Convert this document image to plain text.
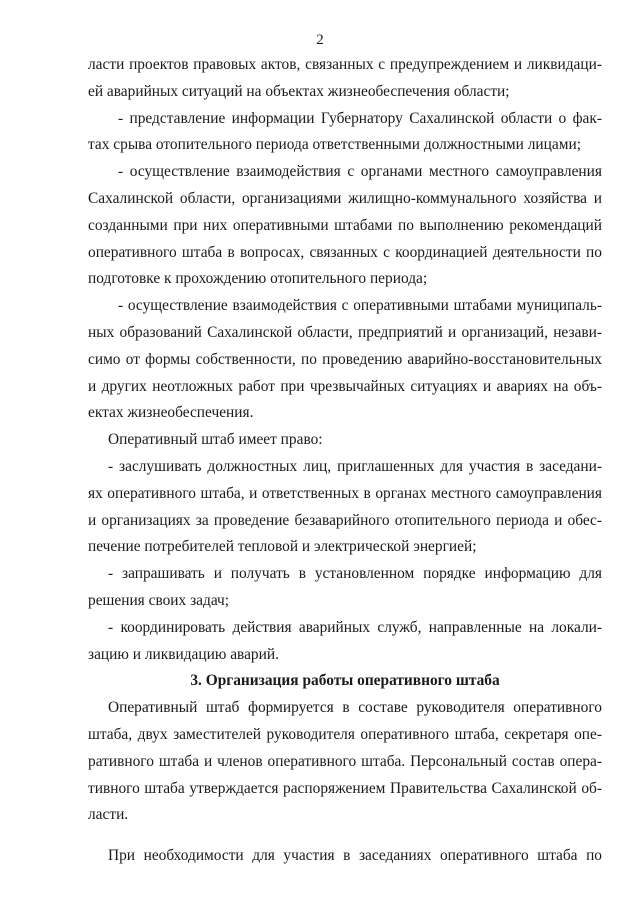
2
ласти проектов правовых актов, связанных с предупреждением и ликвидаци-
ей аварийных ситуаций на объектах жизнеобеспечения области;
- представление информации Губернатору Сахалинской области о фак-
тах срыва отопительного периода ответственными должностными лицами;
- осуществление взаимодействия с органами местного самоуправления
Сахалинской области, организациями жилищно-коммунального хозяйства и
созданными при них оперативными штабами по выполнению рекомендаций
оперативного штаба в вопросах, связанных с координацией деятельности по
подготовке к прохождению отопительного периода;
- осуществление взаимодействия с оперативными штабами муниципаль-
ных образований Сахалинской области, предприятий и организаций, незави-
симо от формы собственности, по проведению аварийно-восстановительных
и других неотложных работ при чрезвычайных ситуациях и авариях на объ-
ектах жизнеобеспечения.
Оперативный штаб имеет право:
- заслушивать должностных лиц, приглашенных для участия в заседани-
ях оперативного штаба, и ответственных в органах местного самоуправления
и организациях за проведение безаварийного отопительного периода и обес-
печение потребителей тепловой и электрической энергией;
- запрашивать и получать в установленном порядке информацию для
решения своих задач;
- координировать действия аварийных служб, направленные на локали-
зацию и ликвидацию аварий.
3. Организация работы оперативного штаба
Оперативный штаб формируется в составе руководителя оперативного
штаба, двух заместителей руководителя оперативного штаба, секретаря опе-
ративного штаба и членов оперативного штаба. Персональный состав опера-
тивного штаба утверждается распоряжением Правительства Сахалинской об-
ласти.
При необходимости для участия в заседаниях оперативного штаба по
